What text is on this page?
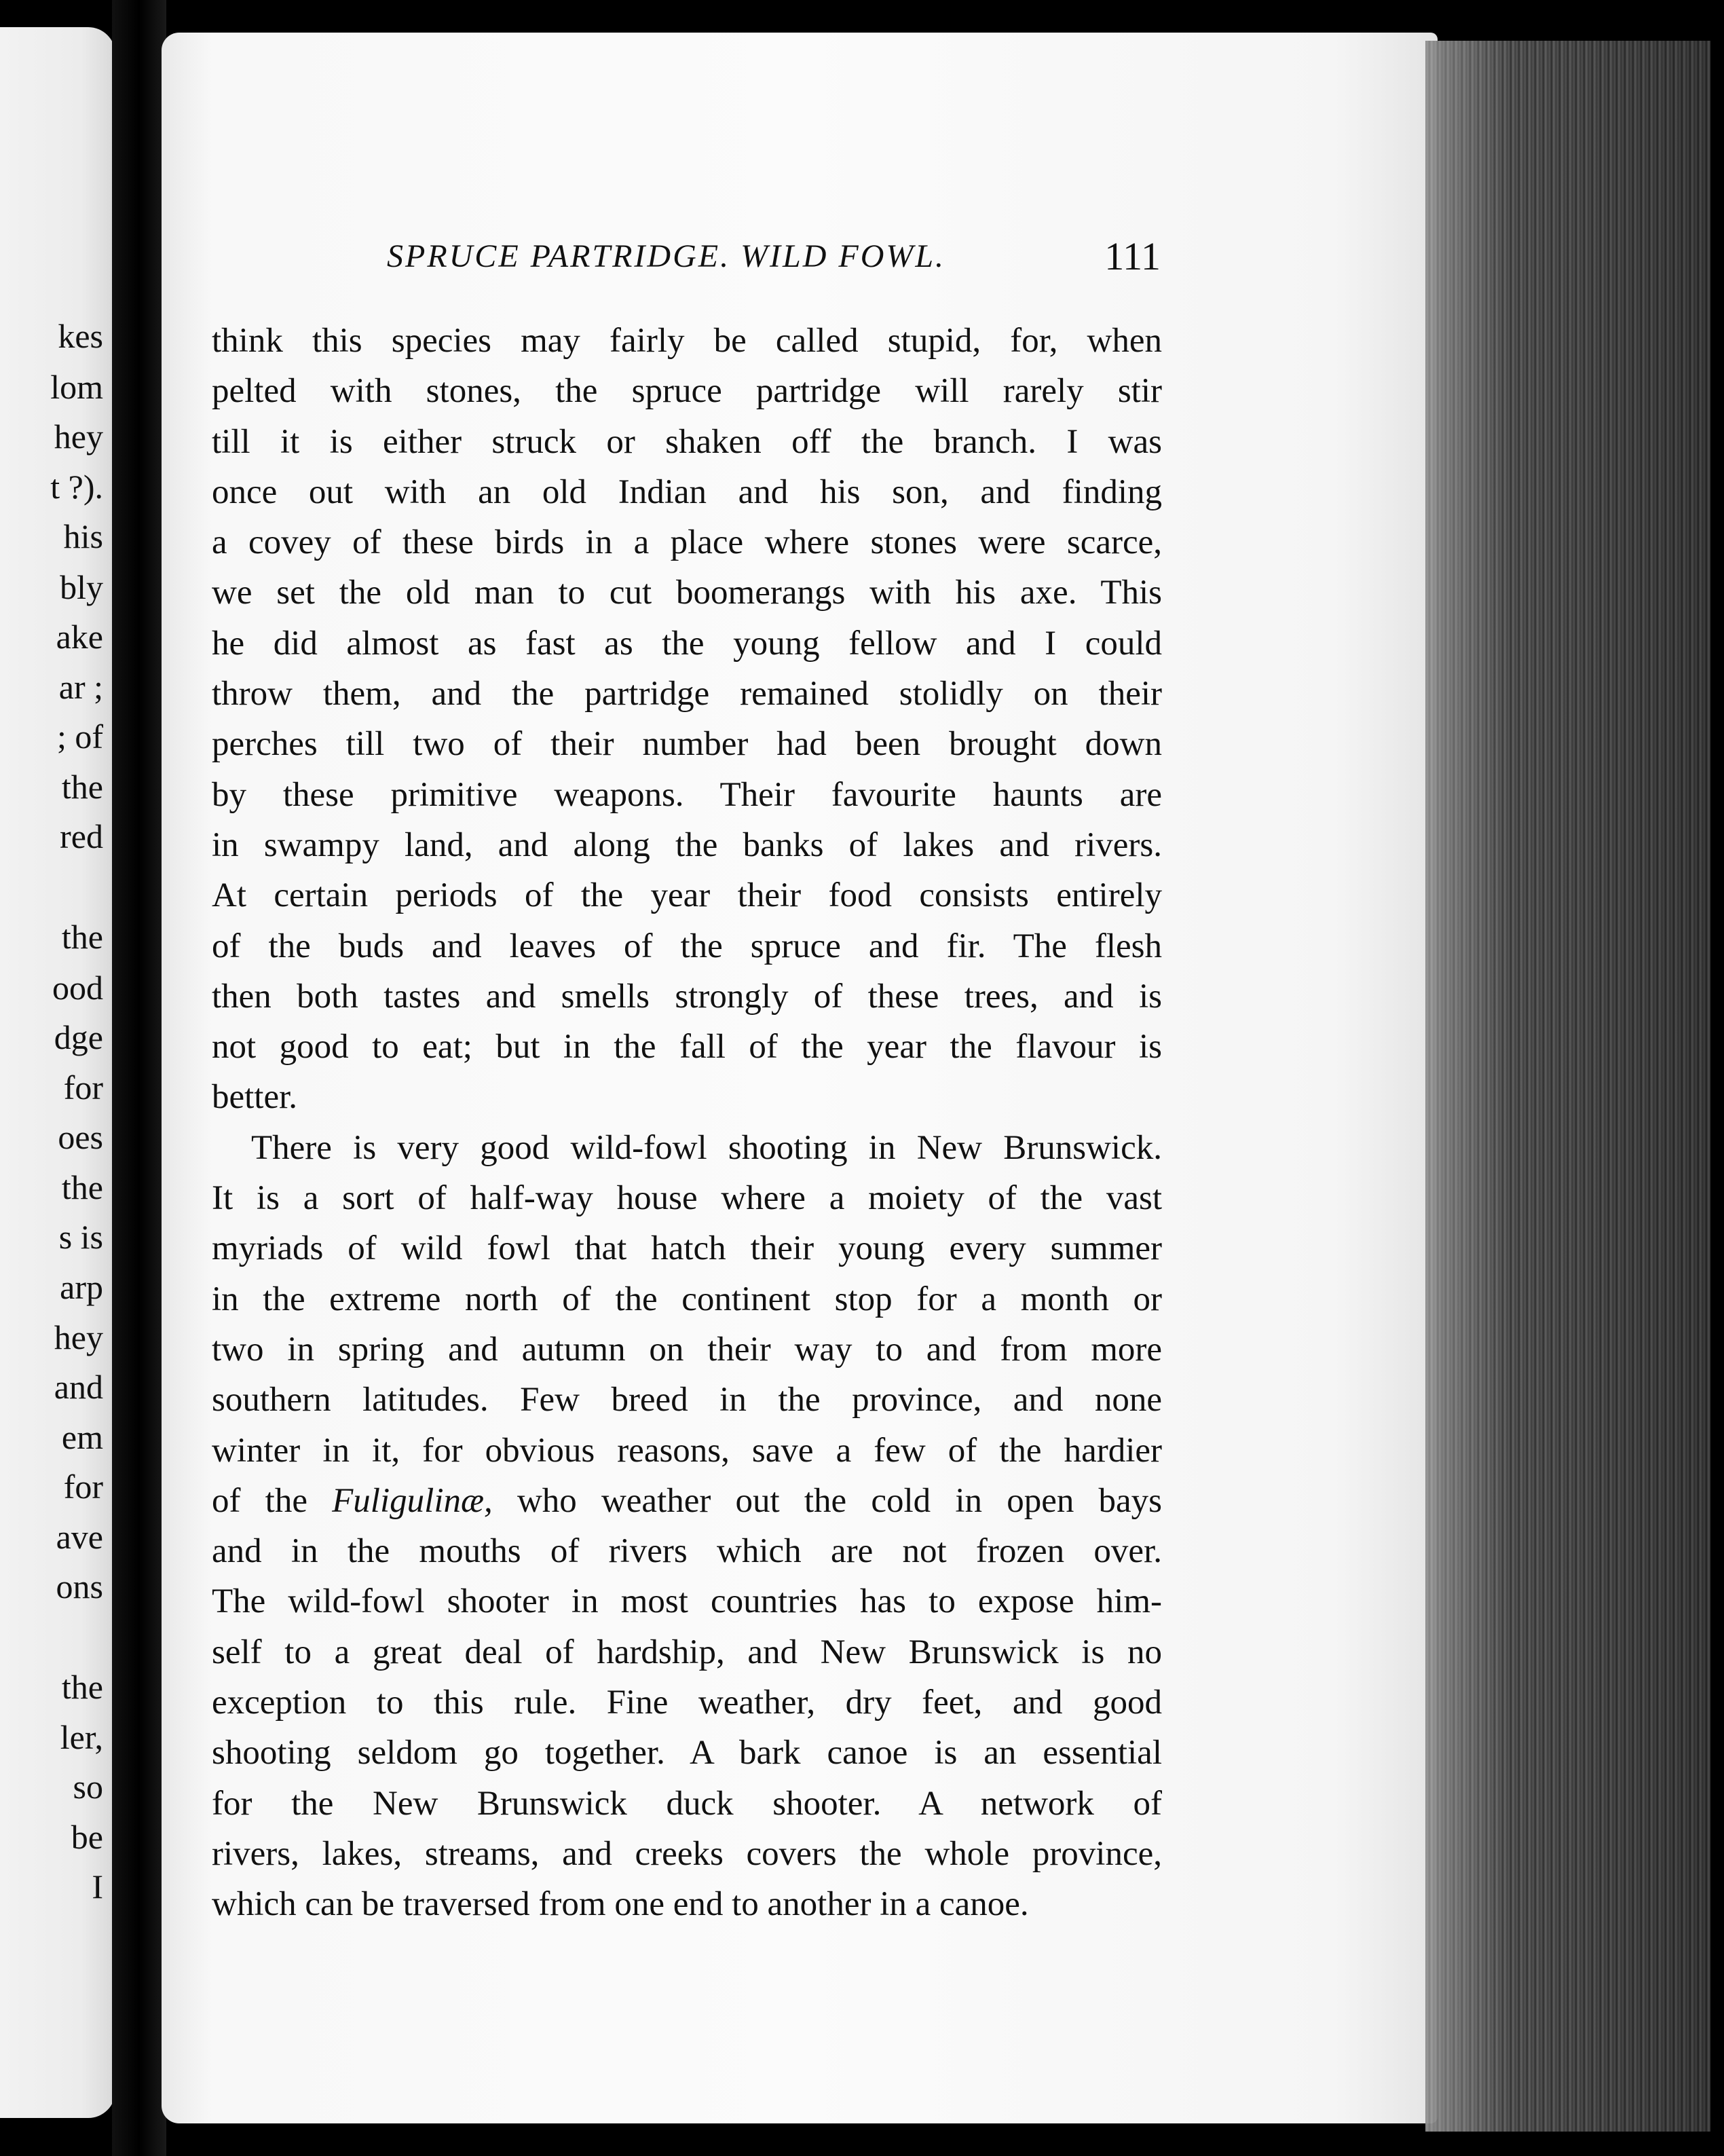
kes
lom
hey
t ?).
his
bly
ake
ar ;
; of
the
red
the
ood
dge
for
oes
the
s is
arp
hey
and
em
for
ave
ons
the
ler,
so
be
I
SPRUCE PARTRIDGE. WILD FOWL.	111
think this species may fairly be called stupid, for, when
pelted with stones, the spruce partridge will rarely stir
till it is either struck or shaken off the branch. I was
once out with an old Indian and his son, and finding
a covey of these birds in a place where stones were scarce,
we set the old man to cut boomerangs with his axe. This
he did almost as fast as the young fellow and I could
throw them, and the partridge remained stolidly on their
perches till two of their number had been brought down
by these primitive weapons. Their favourite haunts are
in swampy land, and along the banks of lakes and rivers.
At certain periods of the year their food consists entirely
of the buds and leaves of the spruce and fir. The flesh
then both tastes and smells strongly of these trees, and is
not good to eat; but in the fall of the year the flavour is
better.
There is very good wild-fowl shooting in New Brunswick.
It is a sort of half-way house where a moiety of the vast
myriads of wild fowl that hatch their young every summer
in the extreme north of the continent stop for a month or
two in spring and autumn on their way to and from more
southern latitudes. Few breed in the province, and none
winter in it, for obvious reasons, save a few of the hardier
of the Fuligulinæ, who weather out the cold in open bays
and in the mouths of rivers which are not frozen over.
The wild-fowl shooter in most countries has to expose him-
self to a great deal of hardship, and New Brunswick is no
exception to this rule. Fine weather, dry feet, and good
shooting seldom go together. A bark canoe is an essential
for the New Brunswick duck shooter. A network of
rivers, lakes, streams, and creeks covers the whole province,
which can be traversed from one end to another in a canoe.
